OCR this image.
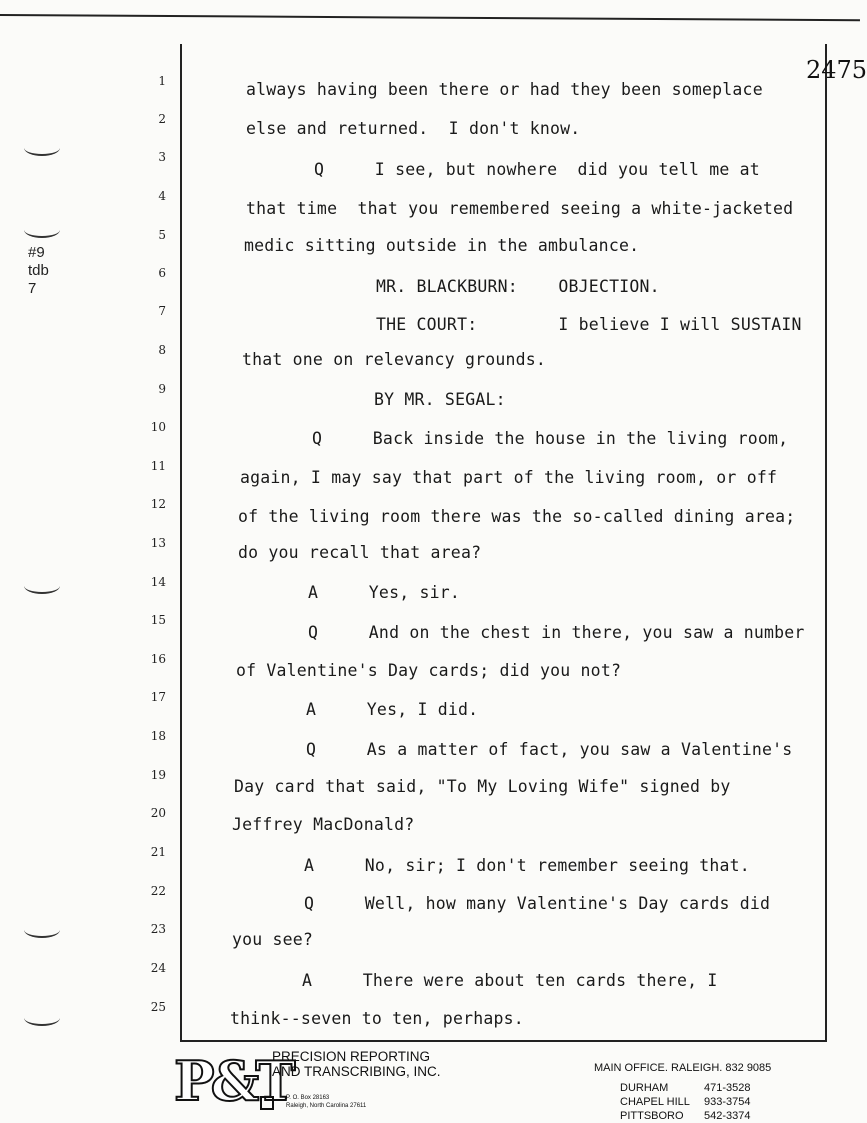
2475
#9
tdb
7
1
2
3
4
5
6
7
8
9
10
11
12
13
14
15
16
17
18
19
20
21
22
23
24
25
always having been there or had they been someplace
else and returned.  I don't know.
Q     I see, but nowhere  did you tell me at
that time  that you remembered seeing a white-jacketed
medic sitting outside in the ambulance.
MR. BLACKBURN:    OBJECTION.
THE COURT:        I believe I will SUSTAIN
that one on relevancy grounds.
BY MR. SEGAL:
Q     Back inside the house in the living room,
again, I may say that part of the living room, or off
of the living room there was the so-called dining area;
do you recall that area?
A     Yes, sir.
Q     And on the chest in there, you saw a number
of Valentine's Day cards; did you not?
A     Yes, I did.
Q     As a matter of fact, you saw a Valentine's
Day card that said, "To My Loving Wife" signed by
Jeffrey MacDonald?
A     No, sir; I don't remember seeing that.
Q     Well, how many Valentine's Day cards did
you see?
A     There were about ten cards there, I
think--seven to ten, perhaps.
P&T
PRECISION REPORTING
AND TRANSCRIBING, INC.
P. O. Box 28163
Raleigh, North Carolina 27611
MAIN OFFICE. RALEIGH. 832 9085
DURHAM	471-3528
CHAPEL HILL 933-3754
PITTSBORO 542-3374
